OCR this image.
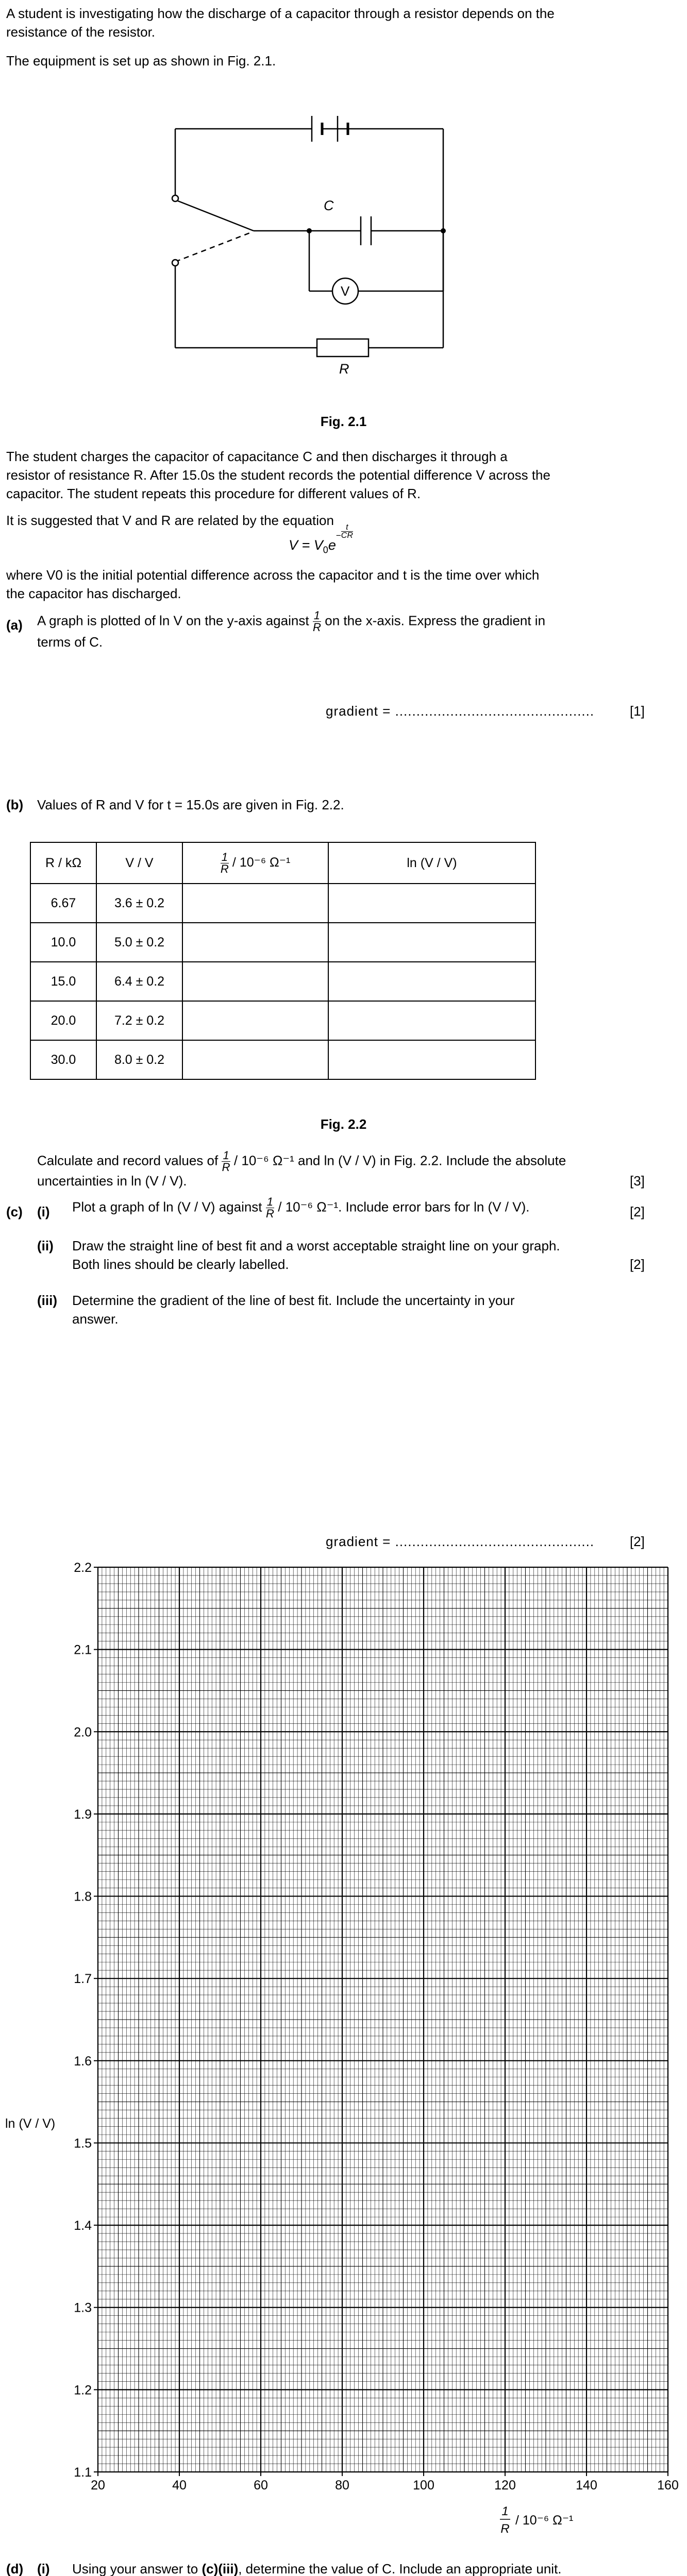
A student is investigating how the discharge of a capacitor through a resistor depends on the
resistance of the resistor.
The equipment is set up as shown in Fig. 2.1.
C
V
R
Fig. 2.1
The student charges the capacitor of capacitance C and then discharges it through a
resistor of resistance R. After 15.0s the student records the potential difference V across the
capacitor. The student repeats this procedure for different values of R.
It is suggested that V and R are related by the equation
$V = V_0e^- \frac{t}{CR}$
where V0 is the initial potential difference across the capacitor and t is the time over which
the capacitor has discharged.
(a) A graph is plotted of ln V on the y-axis against $\frac{1}{R}$ on the x-axis. Express the gradient in
terms of C.
gradient = ...............................................	[1]
(b) Values of R and V for t = 15.0s are given in Fig. 2.2.
R / kΩ	V / V	$\frac{1}{R} / 10^{-6}$ Ω⁻¹	ln (V / V)
6.67	3.6 ± 0.2		
10.0	5.0 ± 0.2		
15.0	6.4 ± 0.2		
20.0	7.2 ± 0.2		
30.0	8.0 ± 0.2		
Fig. 2.2
Calculate and record values of $\frac{1}{R} / 10^{-6}$ Ω⁻¹ and ln (V / V) in Fig. 2.2. Include the absolute
uncertainties in ln (V / V).	[3]
(c) (i) Plot a graph of ln (V / V) against $\frac{1}{R} / 10^{-6}$ Ω⁻¹. Include error bars for ln (V / V).	[2]
(ii) Draw the straight line of best fit and a worst acceptable straight line on your graph.
Both lines should be clearly labelled.	[2]
(iii) Determine the gradient of the line of best fit. Include the uncertainty in your
answer.
gradient = ...............................................	[2]
20	40	60	80	100	120	140	160
2.2
2.1
2.0
1.9
1.8
1.7
1.6
1.5
1.4
1.3
1.2
1.1
ln (V / V)
1
R
/ 10⁻⁶ Ω⁻¹
(d) (i) Using your answer to (c)(iii), determine the value of C. Include an appropriate unit.
